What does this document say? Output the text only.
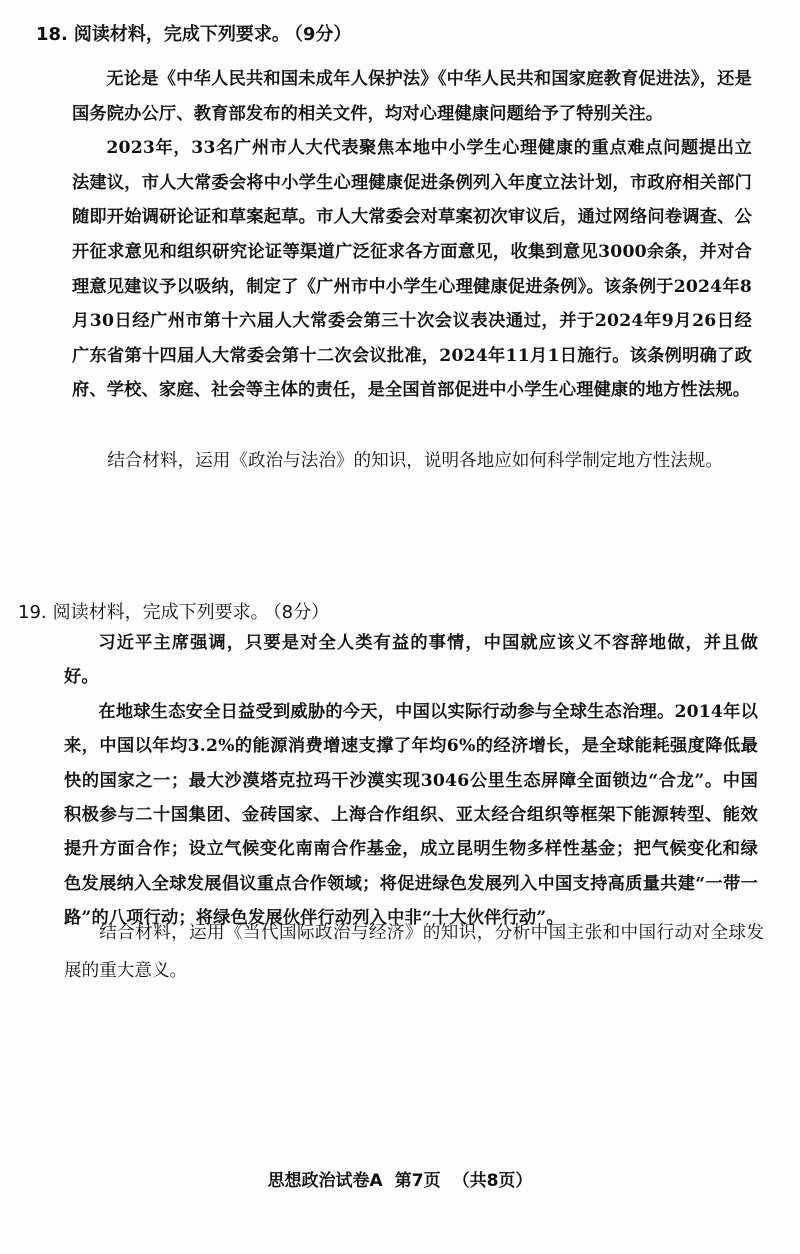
18. 阅读材料，完成下列要求。 （9分）

无论是《中华人民共和国未成年人保护法》《中华人民共和国家庭教育促进法》，还是国务院办公厅、教育部发布的相关文件，均对心理健康问题给予了特别关注。

2023年，33名广州市人大代表聚焦本地中小学生心理健康的重点难点问题提出立法建议，市人大常委会将中小学生心理健康促进条例列入年度立法计划，市政府相关部门随即开始调研论证和草案起草。市人大常委会对草案初次审议后，通过网络问卷调查、公开征求意见和组织研究论证等渠道广泛征求各方面意见，收集到意见3000余条，并对合理意见建议予以吸纳，制定了《广州市中小学生心理健康促进条例》。该条例于2024年8月30日经广州市第十六届人大常委会第三十次会议表决通过，并于2024年9月26日经广东省第十四届人大常委会第十二次会议批准，2024年11月1日施行。该条例明确了政府、学校、家庭、社会等主体的责任，是全国首部促进中小学生心理健康的地方性法规。

结合材料，运用《政治与法治》的知识，说明各地应如何科学制定地方性法规。

19. 阅读材料，完成下列要求。 （8分）

习近平主席强调，只要是对全人类有益的事情，中国就应该义不容辞地做，并且做好。

在地球生态安全日益受到威胁的今天，中国以实际行动参与全球生态治理。2014年以来，中国以年均3.2%的能源消费增速支撑了年均6%的经济增长，是全球能耗强度降低最快的国家之一；最大沙漠塔克拉玛干沙漠实现3046公里生态屏障全面锁边“合龙”。中国积极参与二十国集团、金砖国家、上海合作组织、亚太经合组织等框架下能源转型、能效提升方面合作；设立气候变化南南合作基金，成立昆明生物多样性基金；把气候变化和绿色发展纳入全球发展倡议重点合作领域；将促进绿色发展列入中国支持高质量共建“一带一路”的八项行动；将绿色发展伙伴行动列入中非“十大伙伴行动”。

结合材料，运用《当代国际政治与经济》的知识，分析中国主张和中国行动对全球发展的重大意义。

思想政治试卷A 第7页 （共8页）
